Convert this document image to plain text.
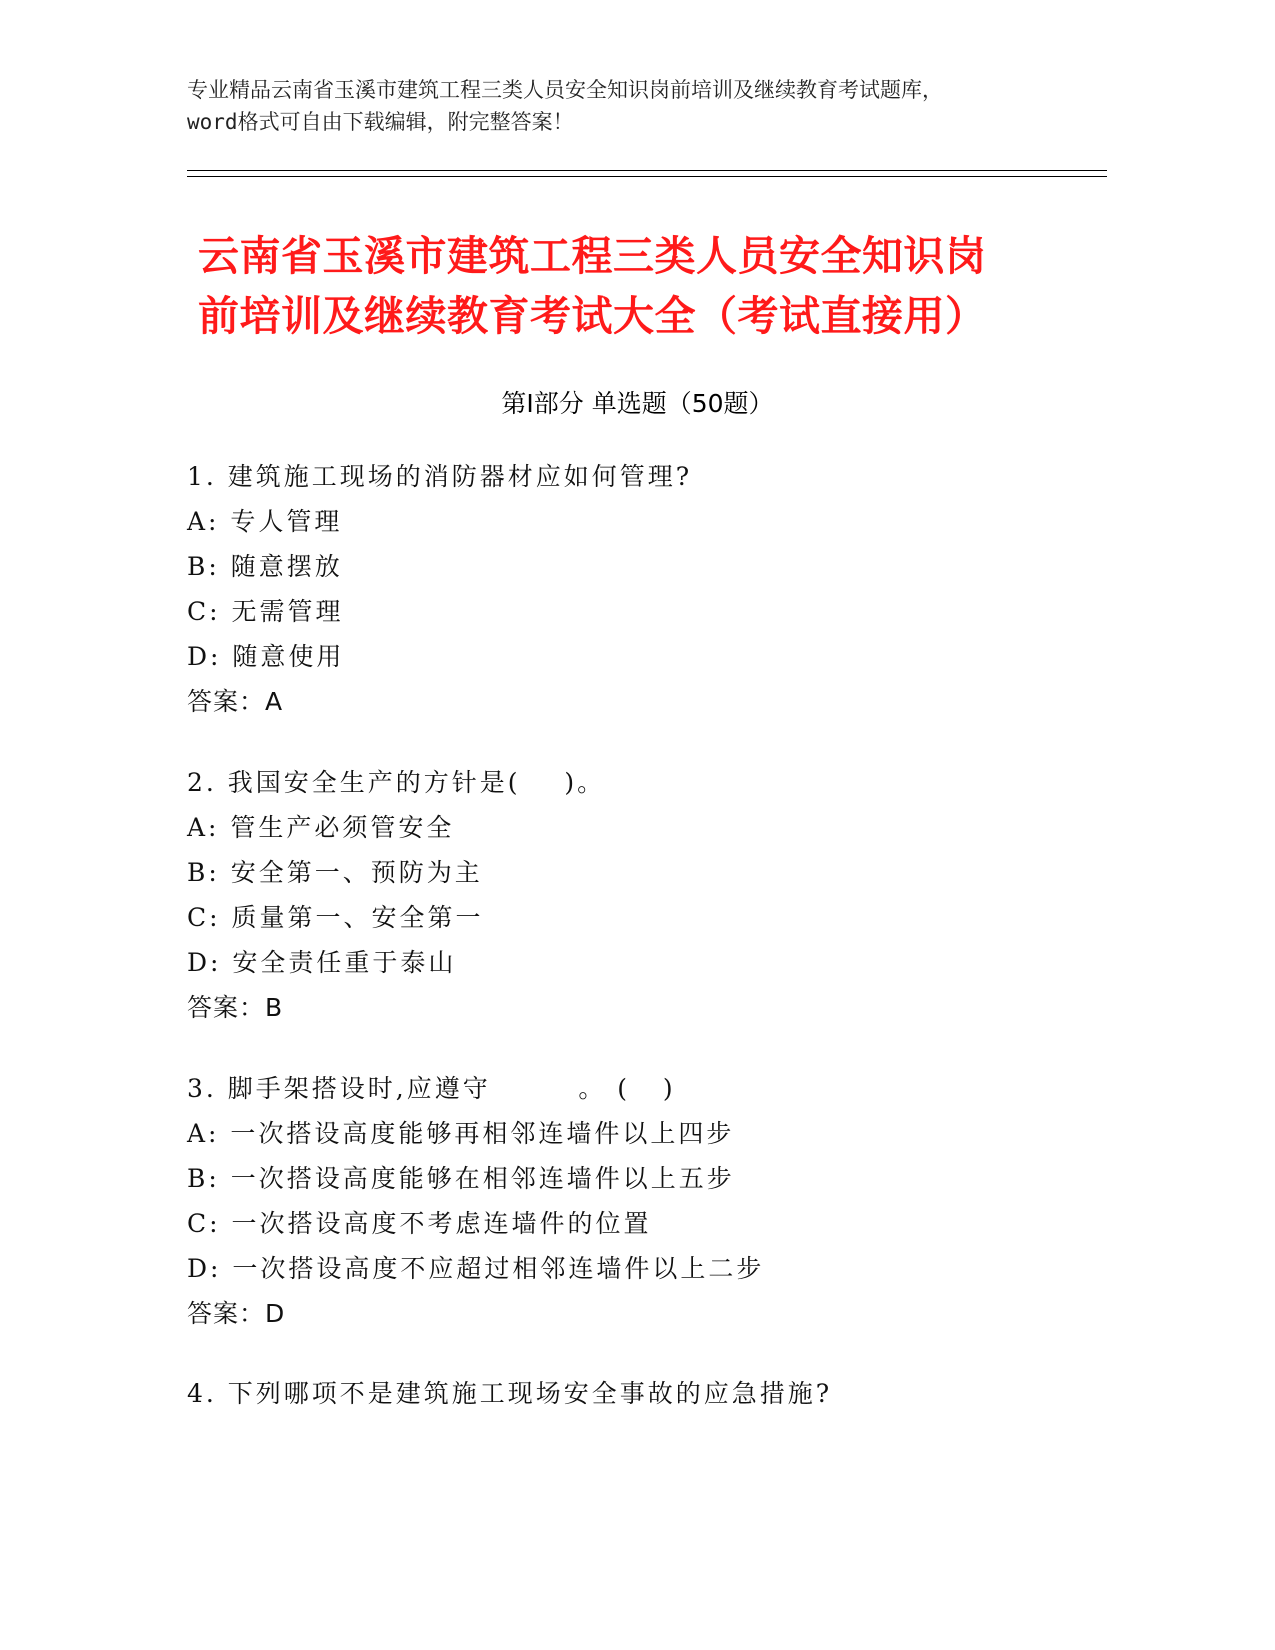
专业精品云南省玉溪市建筑工程三类人员安全知识岗前培训及继续教育考试题库，
word格式可自由下载编辑，附完整答案！
云南省玉溪市建筑工程三类人员安全知识岗
前培训及继续教育考试大全（考试直接用）
第Ⅰ部分 单选题（50题）
1. 建筑施工现场的消防器材应如何管理?
A: 专人管理
B: 随意摆放
C: 无需管理
D: 随意使用
答案：A
2. 我国安全生产的方针是(    )。
A: 管生产必须管安全
B: 安全第一、预防为主
C: 质量第一、安全第一
D: 安全责任重于泰山
答案：B
3. 脚手架搭设时,应遵守        。 (   )
A: 一次搭设高度能够再相邻连墙件以上四步
B: 一次搭设高度能够在相邻连墙件以上五步
C: 一次搭设高度不考虑连墙件的位置
D: 一次搭设高度不应超过相邻连墙件以上二步
答案：D
4. 下列哪项不是建筑施工现场安全事故的应急措施?
